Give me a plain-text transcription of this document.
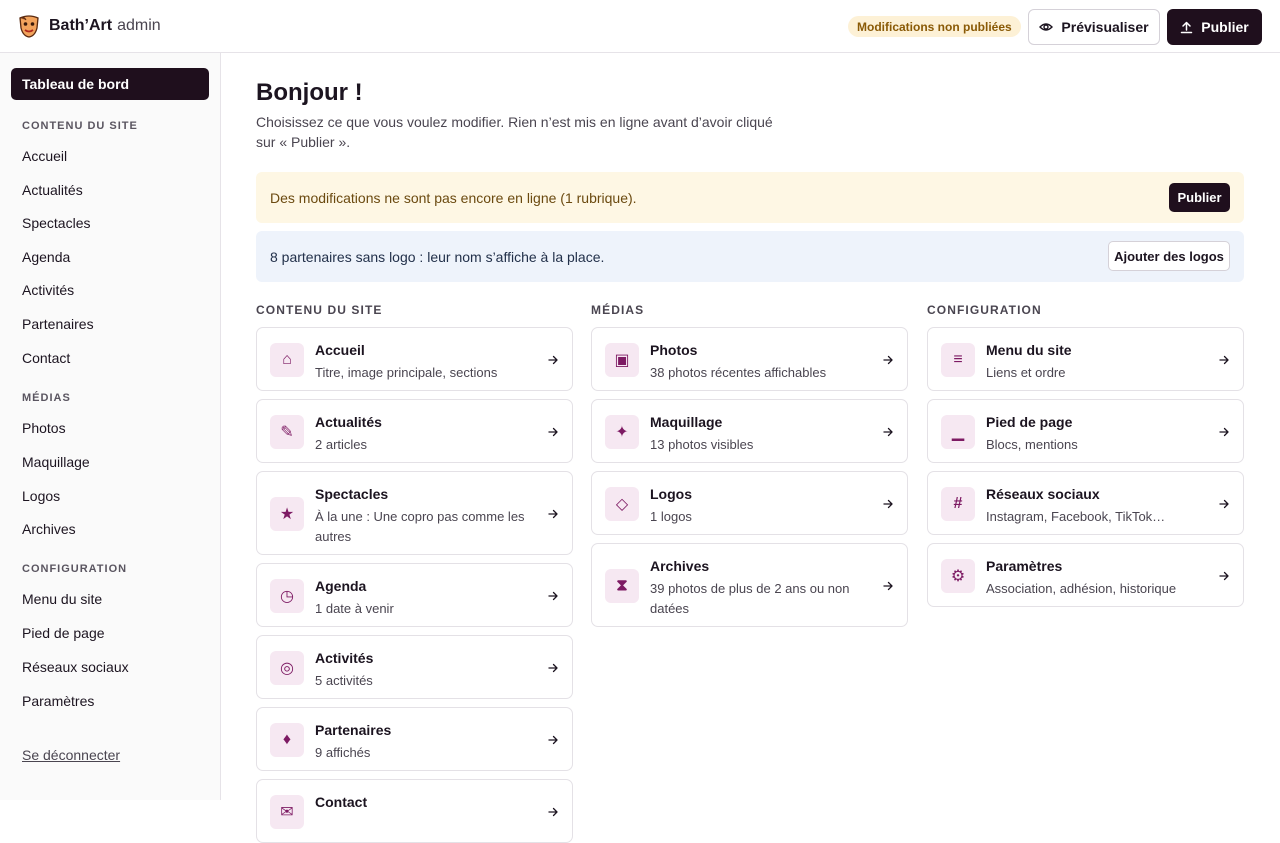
Bath’Art admin	Modifications non publiées	Prévisualiser	Publier
Tableau de bord
CONTENU DU SITE
Accueil
Actualités
Spectacles
Agenda
Activités
Partenaires
Contact
MÉDIAS
Photos
Maquillage
Logos
Archives
CONFIGURATION
Menu du site
Pied de page
Réseaux sociaux
Paramètres
Se déconnecter
Bonjour !
Choisissez ce que vous voulez modifier. Rien n’est mis en ligne avant d’avoir cliqué sur « Publier ».
Des modifications ne sont pas encore en ligne (1 rubrique).	Publier
8 partenaires sans logo : leur nom s’affiche à la place.	Ajouter des logos
CONTENU DU SITE
⌂
Accueil
Titre, image principale, sections
✎
Actualités
2 articles
★
Spectacles
À la une : Une copro pas comme les autres
◷
Agenda
1 date à venir
◎
Activités
5 activités
♦
Partenaires
9 affichés
✉
Contact
MÉDIAS
▣
Photos
38 photos récentes affichables
✦
Maquillage
13 photos visibles
◇
Logos
1 logos
⧗
Archives
39 photos de plus de 2 ans ou non datées
CONFIGURATION
≡
Menu du site
Liens et ordre
▁
Pied de page
Blocs, mentions
#
Réseaux sociaux
Instagram, Facebook, TikTok…
⚙
Paramètres
Association, adhésion, historique
